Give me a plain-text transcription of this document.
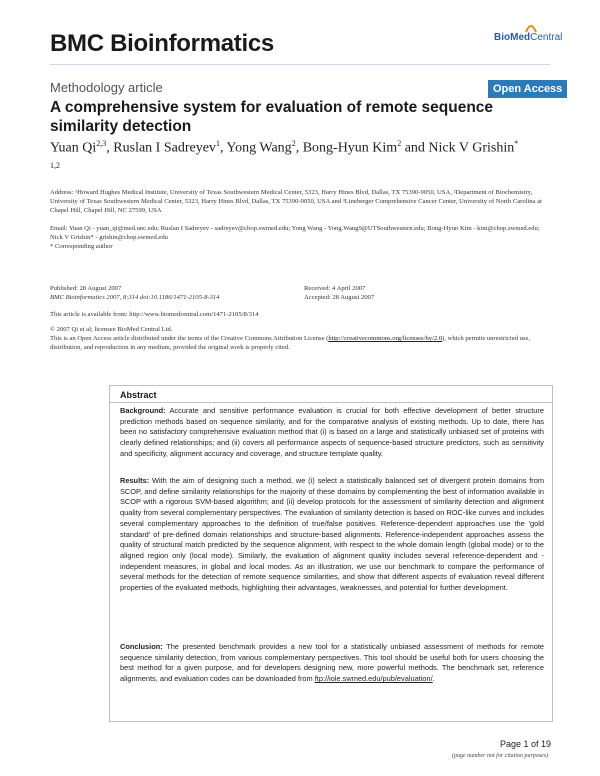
BMC Bioinformatics	BioMedCentral
Methodology article	Open Access
A comprehensive system for evaluation of remote sequence similarity detection
Yuan Qi$^{2,3}$, Ruslan I Sadreyev$^1$, Yong Wang$^2$, Bong-Hyun Kim$^2$ and Nick V Grishin$^{* 1,2}$
Address: ¹Howard Hughes Medical Institute, University of Texas Southwestern Medical Center, 5323, Harry Hines Blvd, Dallas, TX 75390-9050, USA, ²Department of Biochemistry, University of Texas Southwestern Medical Center, 5323, Harry Hines Blvd, Dallas, TX 75390-9050, USA and ³Lineberger Comprehensive Cancer Center, University of North Carolina at Chapel Hill, Chapel Hill, NC 27599, USA
Email: Yuan Qi - yuan_qi@med.unc.edu; Ruslan I Sadreyev - sadreyev@chop.swmed.edu; Yong Wang - Yong.Wang9@UTSouthwestern.edu; Bong-Hyun Kim - kim@chop.swmed.edu; Nick V Grishin* - grishin@chop.swmed.edu
* Corresponding author
Published: 28 August 2007
BMC Bioinformatics 2007, 8:314 doi:10.1186/1471-2105-8-314
Received: 4 April 2007
Accepted: 28 August 2007
This article is available from: http://www.biomedcentral.com/1471-2105/8/314
© 2007 Qi et al; licensee BioMed Central Ltd.
This is an Open Access article distributed under the terms of the Creative Commons Attribution License (http://creativecommons.org/licenses/by/2.0), which permits unrestricted use, distribution, and reproduction in any medium, provided the original work is properly cited.
Abstract
Background: Accurate and sensitive performance evaluation is crucial for both effective development of better structure prediction methods based on sequence similarity, and for the comparative analysis of existing methods. Up to date, there has been no satisfactory comprehensive evaluation method that (i) is based on a large and statistically unbiased set of proteins with clearly defined relationships; and (ii) covers all performance aspects of sequence-based structure predictors, such as sensitivity and specificity, alignment accuracy and coverage, and structure template quality.
Results: With the aim of designing such a method, we (i) select a statistically balanced set of divergent protein domains from SCOP, and define similarity relationships for the majority of these domains by complementing the best of information available in SCOP with a rigorous SVM-based algorithm; and (ii) develop protocols for the assessment of similarity detection and alignment quality from several complementary perspectives. The evaluation of similarity detection is based on ROC-like curves and includes several complementary approaches to the definition of true/false positives. Reference-dependent approaches use the 'gold standard' of pre-defined domain relationships and structure-based alignments. Reference-independent approaches assess the quality of structural match predicted by the sequence alignment, with respect to the whole domain length (global mode) or to the aligned region only (local mode). Similarly, the evaluation of alignment quality includes several reference-dependent and -independent measures, in global and local modes. As an illustration, we use our benchmark to compare the performance of several methods for the detection of remote sequence similarities, and show that different aspects of evaluation reveal different properties of the evaluated methods, highlighting their advantages, weaknesses, and potential for further development.
Conclusion: The presented benchmark provides a new tool for a statistically unbiased assessment of methods for remote sequence similarity detection, from various complementary perspectives. This tool should be useful both for users choosing the best method for a given purpose, and for developers designing new, more powerful methods. The benchmark set, reference alignments, and evaluation codes can be downloaded from ftp://iole.swmed.edu/pub/evaluation/.
Page 1 of 19
(page number not for citation purposes)
